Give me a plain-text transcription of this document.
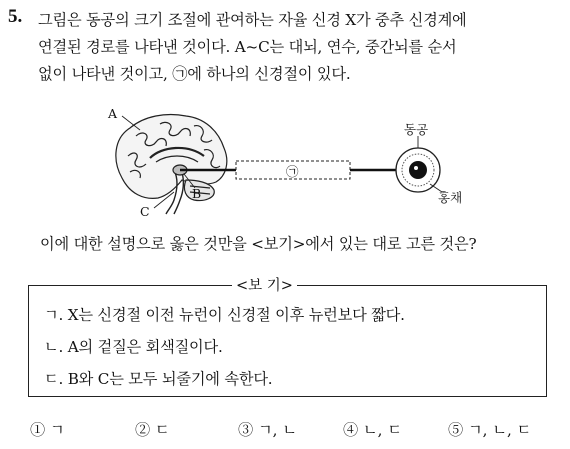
5. 그림은 동공의 크기 조절에 관여하는 자율 신경 X가 중추 신경계에
연결된 경로를 나타낸 것이다. A~C는 대뇌, 연수, 중간뇌를 순서
없이 나타낸 것이고, ㉠에 하나의 신경절이 있다.
A
B
C
㉠
동공
홍채
이에 대한 설명으로 옳은 것만을 <보기>에서 있는 대로 고른 것은?
<보 기>
ㄱ. X는 신경절 이전 뉴런이 신경절 이후 뉴런보다 짧다.
ㄴ. A의 겉질은 회색질이다.
ㄷ. B와 C는 모두 뇌줄기에 속한다.
① ㄱ	② ㄷ	③ ㄱ, ㄴ	④ ㄴ, ㄷ	⑤ ㄱ, ㄴ, ㄷ
